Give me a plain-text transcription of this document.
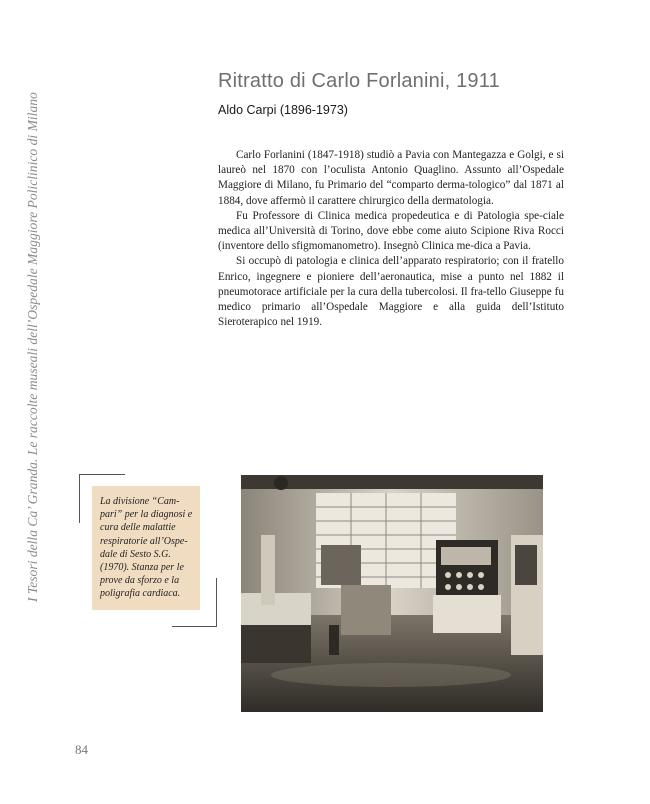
I Tesori della Ca’ Granda. Le raccolte museali dell’Ospedale Maggiore Policlinico di Milano
Ritratto di Carlo Forlanini, 1911
Aldo Carpi (1896-1973)

Carlo Forlanini (1847-1918) studiò a Pavia con Mantegazza e Golgi, e si laureò nel 1870 con l’oculista Antonio Quaglino. Assunto all’Ospedale Maggiore di Milano, fu Primario del “comparto derma-tologico” dal 1871 al 1884, dove affermò il carattere chirurgico della dermatologia.

Fu Professore di Clinica medica propedeutica e di Patologia spe-ciale medica all’Università di Torino, dove ebbe come aiuto Scipione Riva Rocci (inventore dello sfigmomanometro). Insegnò Clinica me-dica a Pavia.

Si occupò di patologia e clinica dell’apparato respiratorio; con il fratello Enrico, ingegnere e pioniere dell’aeronautica, mise a punto nel 1882 il pneumotorace artificiale per la cura della tubercolosi. Il fra-tello Giuseppe fu medico primario all’Ospedale Maggiore e alla guida dell’Istituto Sieroterapico nel 1919.

La divisione “Cam-pari” per la diagnosi e cura delle malattie respiratorie all’Ospe-dale di Sesto S.G. (1970). Stanza per le prove da sforzo e la poligrafia cardiaca.

84
